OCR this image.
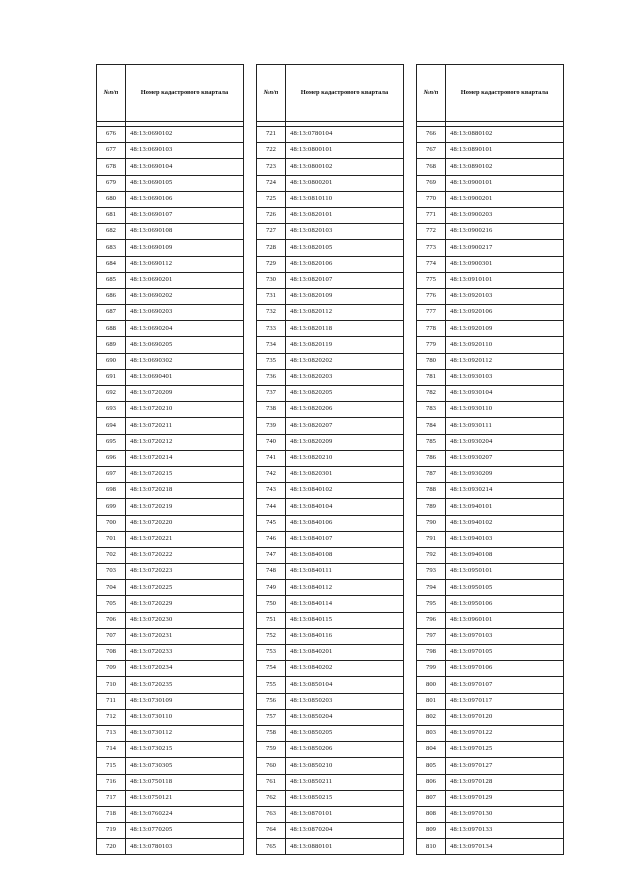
№п/п	Номер кадастрового квартала

676	48:13:0690102
677	48:13:0690103
678	48:13:0690104
679	48:13:0690105
680	48:13:0690106
681	48:13:0690107
682	48:13:0690108
683	48:13:0690109
684	48:13:0690112
685	48:13:0690201
686	48:13:0690202
687	48:13:0690203
688	48:13:0690204
689	48:13:0690205
690	48:13:0690302
691	48:13:0690401
692	48:13:0720209
693	48:13:0720210
694	48:13:0720211
695	48:13:0720212
696	48:13:0720214
697	48:13:0720215
698	48:13:0720218
699	48:13:0720219
700	48:13:0720220
701	48:13:0720221
702	48:13:0720222
703	48:13:0720223
704	48:13:0720225
705	48:13:0720229
706	48:13:0720230
707	48:13:0720231
708	48:13:0720233
709	48:13:0720234
710	48:13:0720235
711	48:13:0730109
712	48:13:0730110
713	48:13:0730112
714	48:13:0730215
715	48:13:0730305
716	48:13:0750118
717	48:13:0750121
718	48:13:0760224
719	48:13:0770205
720	48:13:0780103
№п/п	Номер кадастрового квартала

721	48:13:0780104
722	48:13:0800101
723	48:13:0800102
724	48:13:0800201
725	48:13:0810110
726	48:13:0820101
727	48:13:0820103
728	48:13:0820105
729	48:13:0820106
730	48:13:0820107
731	48:13:0820109
732	48:13:0820112
733	48:13:0820118
734	48:13:0820119
735	48:13:0820202
736	48:13:0820203
737	48:13:0820205
738	48:13:0820206
739	48:13:0820207
740	48:13:0820209
741	48:13:0820210
742	48:13:0820301
743	48:13:0840102
744	48:13:0840104
745	48:13:0840106
746	48:13:0840107
747	48:13:0840108
748	48:13:0840111
749	48:13:0840112
750	48:13:0840114
751	48:13:0840115
752	48:13:0840116
753	48:13:0840201
754	48:13:0840202
755	48:13:0850104
756	48:13:0850203
757	48:13:0850204
758	48:13:0850205
759	48:13:0850206
760	48:13:0850210
761	48:13:0850211
762	48:13:0850215
763	48:13:0870101
764	48:13:0870204
765	48:13:0880101
№п/п	Номер кадастрового квартала

766	48:13:0880102
767	48:13:0890101
768	48:13:0890102
769	48:13:0900101
770	48:13:0900201
771	48:13:0900203
772	48:13:0900216
773	48:13:0900217
774	48:13:0900301
775	48:13:0910101
776	48:13:0920103
777	48:13:0920106
778	48:13:0920109
779	48:13:0920110
780	48:13:0920112
781	48:13:0930103
782	48:13:0930104
783	48:13:0930110
784	48:13:0930111
785	48:13:0930204
786	48:13:0930207
787	48:13:0930209
788	48:13:0930214
789	48:13:0940101
790	48:13:0940102
791	48:13:0940103
792	48:13:0940108
793	48:13:0950101
794	48:13:0950105
795	48:13:0950106
796	48:13:0960101
797	48:13:0970103
798	48:13:0970105
799	48:13:0970106
800	48:13:0970107
801	48:13:0970117
802	48:13:0970120
803	48:13:0970122
804	48:13:0970125
805	48:13:0970127
806	48:13:0970128
807	48:13:0970129
808	48:13:0970130
809	48:13:0970133
810	48:13:0970134
